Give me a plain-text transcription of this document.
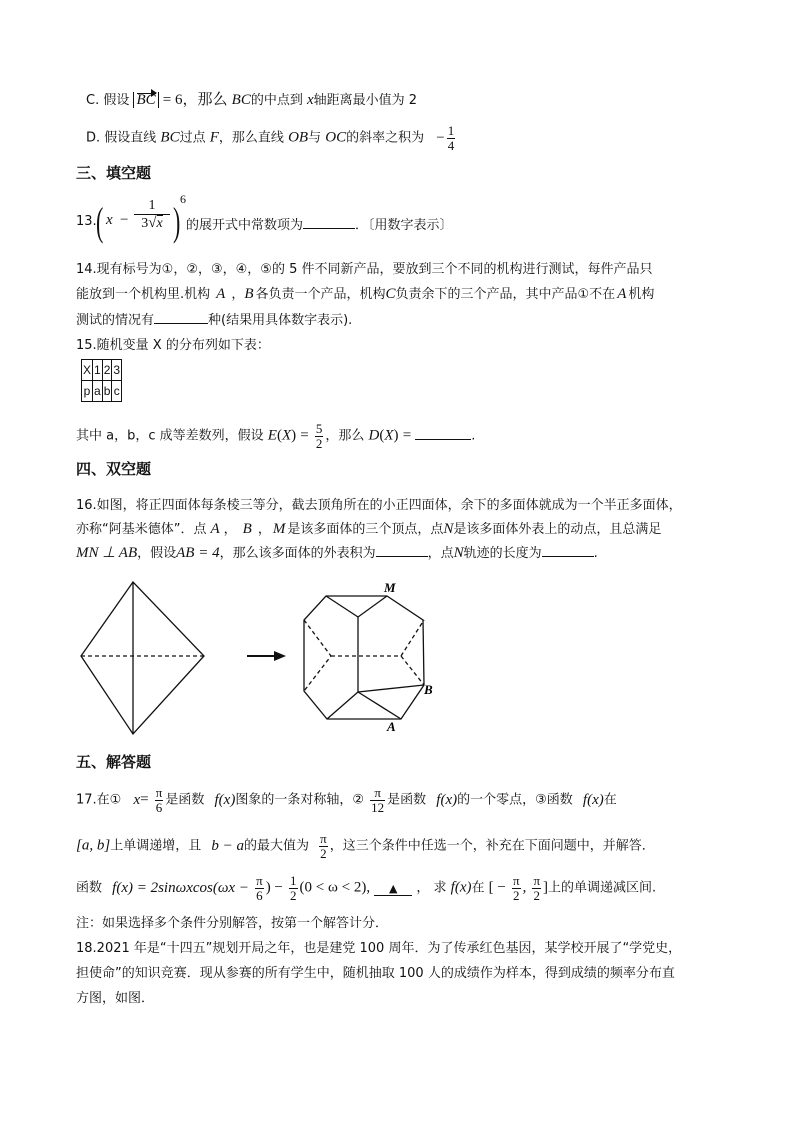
C. 假设 BC = 6，那么 BC的中点到 x轴距离最小值为 2
D. 假设直线 BC过点 F，那么直线 OB与 OC的斜率之积为 − $\frac{1}{4}$
三、填空题
13. ( x −
1
3√x ) 6
的展开式中常数项为	．〔用数字表示〕
14.现有标号为①，②，③，④，⑤的 5 件不同新产品，要放到三个不同的机构进行测试，每件产品只
能放到一个机构里.机构 A ，B 各负责一个产品，机构C负责余下的三个产品，其中产品①不在 A 机构
测试的情况有	种(结果用具体数字表示).
15.随机变量 X 的分布列如下表：
X	1	2	3
p	a	b	c
其中 a，b，c 成等差数列，假设 $E(X) = \frac{5}{2}$ ，那么 D(X) =	.
四、双空题
16.如图，将正四面体每条棱三等分，截去顶角所在的小正四面体，余下的多面体就成为一个半正多面体，
亦称“阿基米德体”．点 A ， B ， M 是该多面体的三个顶点，点N是该多面体外表上的动点，且总满足
MN ⊥ AB，假设AB = 4，那么该多面体的外表积为	，点N轨迹的长度为	.
M
B
A
五、解答题
17.在① $x= \frac{\pi}{6}$ 是函数 f(x)图象的一条对称轴，② $\frac{\pi}{12}$ 是函数 f(x)的一个零点，③函数 f(x)在
[a, b]上单调递增，且 b − a的最大值为 $\frac{\pi}{2}$ ，这三个条件中任选一个，补充在下面问题中，并解答．
函数 $f(x) = 2\sin\omega xcos(\omega x - \frac{\pi}{6}$ ) − $\frac{1}{2} (0 < \omega < 2)$, ▲ ， 求 f(x)在 [ − $\frac{\pi}{2}$ , $\frac{\pi}{2}$ ]上的单调递减区间.
注：如果选择多个条件分别解答，按第一个解答计分．
18.2021 年是“十四五”规划开局之年，也是建党 100 周年．为了传承红色基因，某学校开展了“学党史，
担使命”的知识竞赛．现从参赛的所有学生中，随机抽取 100 人的成绩作为样本，得到成绩的频率分布直
方图，如图．
